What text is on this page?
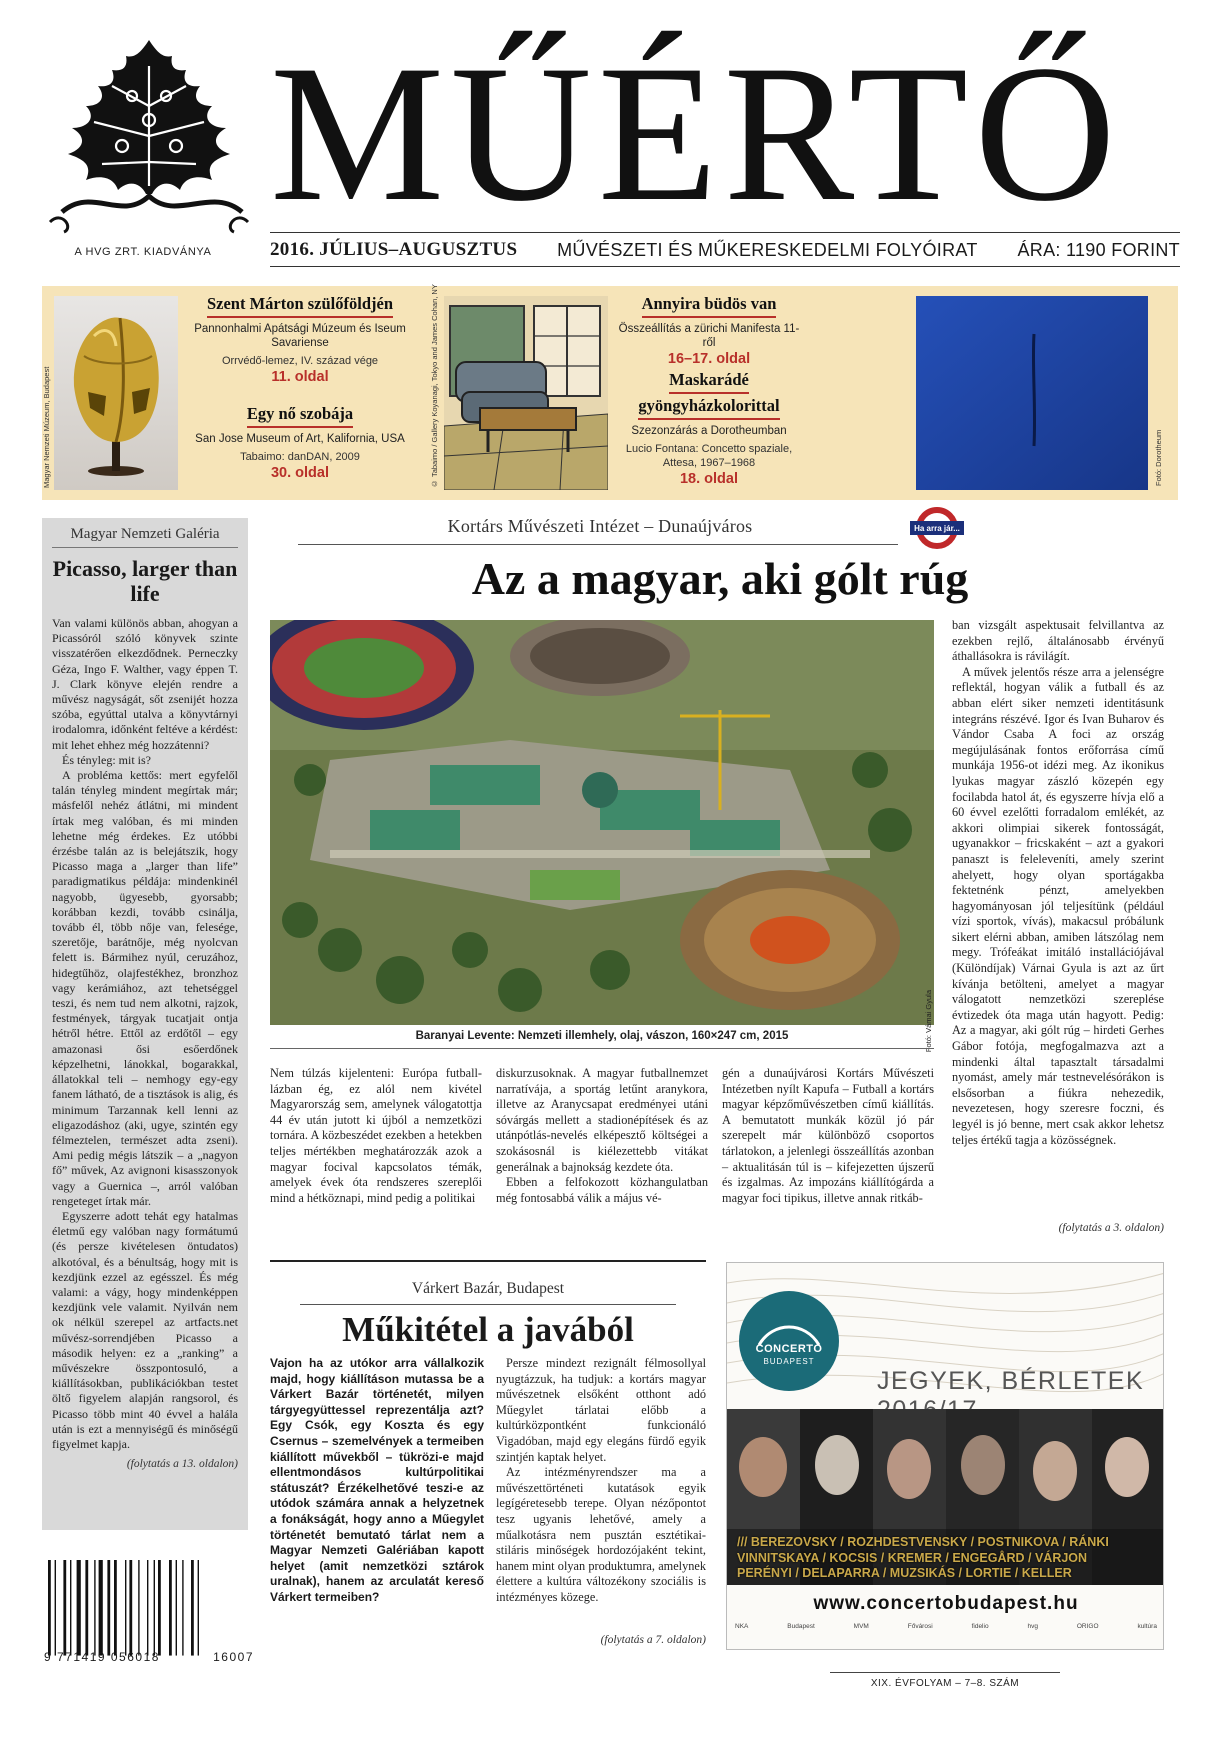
A HVG ZRT. KIADVÁNYA
MŰÉRTŐ
2016. JÚLIUS–AUGUSZTUS MŰVÉSZETI ÉS MŰKERESKEDELMI FOLYÓIRAT ÁRA: 1190 FORINT
Magyar Nemzeti Múzeum, Budapest
Szent Márton szülőföldjén
Pannonhalmi Apátsági Múzeum és Iseum Savariense
Orrvédő-lemez, IV. század vége
11. oldal
Egy nő szobája
San Jose Museum of Art, Kalifornia, USA
Tabaimo: danDAN, 2009
30. oldal	© Tabaimo / Gallery Koyanagi, Tokyo and James Cohan, NY	Annyira büdös van
Összeállítás a zürichi Manifesta 11-ről
16–17. oldal
Maskarádé
gyöngyházkolorittal
Szezonzárás a Dorotheumban
Lucio Fontana: Concetto spaziale, Attesa, 1967–1968
18. oldal	Fotó: Dorotheum
Magyar Nemzeti Galéria
Picasso, larger than life

Van valami különös abban, ahogyan a Picassóról szóló könyvek szinte visszatérően elkezdődnek. Perneczky Géza, Ingo F. Walther, vagy éppen T. J. Clark könyve elején rendre a művész nagyságát, sőt zsenijét hozza szóba, egyúttal utalva a könyvtárnyi irodalomra, időnként feltéve a kérdést: mit lehet ehhez még hozzátenni?

És tényleg: mit is?

A probléma kettős: mert egyfelől talán tényleg mindent megírtak már; másfelől nehéz átlátni, mi mindent írtak meg valóban, és mi minden lehetne még érdekes. Ez utóbbi érzésbe talán az is belejátszik, hogy Picasso maga a „larger than life” paradigmatikus példája: mindenkinél nagyobb, ügyesebb, gyorsabb; korábban kezdi, tovább csinálja, tovább él, több nője van, felesége, szeretője, barátnője, még nyolcvan felett is. Bármihez nyúl, ceruzához, hidegtűhöz, olajfestékhez, bronzhoz vagy kerámiához, azt tehetséggel teszi, és nem tud nem alkotni, rajzok, festmények, tárgyak tucatjait ontja hétről hétre. Ettől az erdőtől – egy amazonasi ősi esőerdőnek képzelhetni, lánokkal, bogarakkal, állatokkal teli – nemhogy egy-egy fanem látható, de a tisztások is alig, és minimum Tarzannak kell lenni az eligazodáshoz (aki, ugye, szintén egy félmeztelen, természet adta zseni). Ami pedig mégis látszik – a „nagyon fő” művek, Az avignoni kisasszonyok vagy a Guernica –, arról valóban rengeteget írtak már.

Egyszerre adott tehát egy hatalmas életmű egy valóban nagy formátumú (és persze kivételesen öntudatos) alkotóval, és a bénultság, hogy mit is kezdjünk ezzel az egésszel. És még valami: a vágy, hogy mindenképpen kezdjünk vele valamit. Nyilván nem ok nélkül szerepel az artfacts.net művész-sorrendjében Picasso a második helyen: ez a „ranking” a művészekre összpontosuló, a kiállításokban, publikációkban testet öltő figyelem alapján rangsorol, és Picasso több mint 40 évvel a halála után is ezt a mennyiségű és minőségű figyelmet kapja.

(folytatás a 13. oldalon)
9 771419 056018	16007
Kortárs Művészeti Intézet – Dunaújváros	Ha arra jár...
Az a magyar, aki gólt rúg
Fotó: Vámai Gyula
Baranyai Levente: Nemzeti illemhely, olaj, vászon, 160×247 cm, 2015

Nem túlzás kijelenteni: Európa futball-lázban ég, ez alól nem kivétel Magyarország sem, amelynek válogatottja 44 év után jutott ki újból a nemzetközi tornára. A közbeszédet ezekben a hetekben teljes mértékben meghatározzák azok a magyar focival kapcsolatos témák, amelyek évek óta rendszeres szereplői mind a hétköznapi, mind pedig a politikai

diskurzusoknak. A magyar futballnemzet narratívája, a sportág letűnt aranykora, illetve az Aranycsapat eredményei utáni sóvárgás mellett a stadionépítések és az utánpótlás-nevelés elképesztő költségei a szokásosnál is kiélezettebb vitákat generálnak a bajnokság kezdete óta.

Ebben a felfokozott közhangulatban még fontosabbá válik a május vé-

gén a dunaújvárosi Kortárs Művészeti Intézetben nyílt Kapufa – Futball a kortárs magyar képzőművészetben című kiállítás. A bemutatott munkák közül jó pár szerepelt már különböző csoportos tárlatokon, a jelenlegi összeállítás azonban – aktualitásán túl is – kifejezetten újszerű és izgalmas. Az impozáns kiállítógárda a magyar foci tipikus, illetve annak ritkáb-

ban vizsgált aspektusait felvillantva az ezekben rejlő, általánosabb érvényű áthallásokra is rávilágít.

A művek jelentős része arra a jelenségre reflektál, hogyan válik a futball és az abban elért siker nemzeti identitásunk integráns részévé. Igor és Ivan Buharov és Vándor Csaba A foci az ország megújulásának fontos erőforrása című munkája 1956-ot idézi meg. Az ikonikus lyukas magyar zászló közepén egy focilabda hatol át, és egyszerre hívja elő a 60 évvel ezelőtti forradalom emlékét, az akkori olimpiai sikerek fontosságát, ugyanakkor – fricskaként – azt a gyakori panaszt is feleleveníti, amely szerint ahelyett, hogy olyan sportágakba fektetnénk pénzt, amelyekben hagyományosan jól teljesítünk (például vízi sportok, vívás), makacsul próbálunk sikert elérni abban, amiben látszólag nem megy. Trófeákat imitáló installációjával (Különdíjak) Várnai Gyula is azt az űrt kívánja betölteni, amelyet a magyar válogatott nemzetközi szereplése évtizedek óta maga után hagyott. Pedig: Az a magyar, aki gólt rúg – hirdeti Gerhes Gábor fotója, megfogalmazva azt a mindenki által tapasztalt társadalmi nyomást, amely már testnevelésórákon is elsősorban a fiúkra nehezedik, nevezetesen, hogy szeresre foczni, és legyél is jó benne, mert csak akkor lehetsz teljes értékű tagja a közösségnek.

(folytatás a 3. oldalon)
Várkert Bazár, Budapest
Műkitétel a javából
Vajon ha az utókor arra vállalkozik majd, hogy kiállításon mutassa be a Várkert Bazár történetét, milyen tárgyegyüttessel reprezentálja azt? Egy Csók, egy Koszta és egy Csernus – szemelvények a termeiben kiállított művekből – tükrözi-e majd ellentmondásos kultúrpolitikai státuszát? Érzékelhetővé teszi-e az utódok számára annak a helyzetnek a fonákságát, hogy anno a Műegylet történetét bemutató tárlat nem a Magyar Nemzeti Galériában kapott helyet (amit nemzetközi sztárok uralnak), hanem az arculatát kereső Várkert termeiben?

Persze mindezt rezignált félmosollyal nyugtázzuk, ha tudjuk: a kortárs magyar művészetnek elsőként otthont adó Műegylet tárlatai előbb a kultúrközpontként funkcionáló Vigadóban, majd egy elegáns fürdő egyik szintjén kaptak helyet.

Az intézményrendszer ma a művészettörténeti kutatások egyik legígéretesebb terepe. Olyan nézőpontot tesz ugyanis lehetővé, amely a műalkotásra nem pusztán esztétikai-stiláris minőségek hordozójaként tekint, hanem mint olyan produktumra, amelynek élettere a kultúra változékony szociális is intézményes közege.

(folytatás a 7. oldalon)
CONCERTO
BUDAPEST
JEGYEK, BÉRLETEK
/// BEREZOVSKY / ROZHDESTVENSKY / POSTNIKOVA / RÁNKI
VINNITSKAYA / KOCSIS / KREMER / ENGEGÅRD / VÁRJON
PERÉNYI / DELAPARRA / MUZSIKÁS / LORTIE / KELLER
www.concertobudapest.hu
NKA	Budapest	MVM	Fővárosi	fidelio	hvg	ORIGO	kultúra
XIX. ÉVFOLYAM – 7–8. SZÁM
